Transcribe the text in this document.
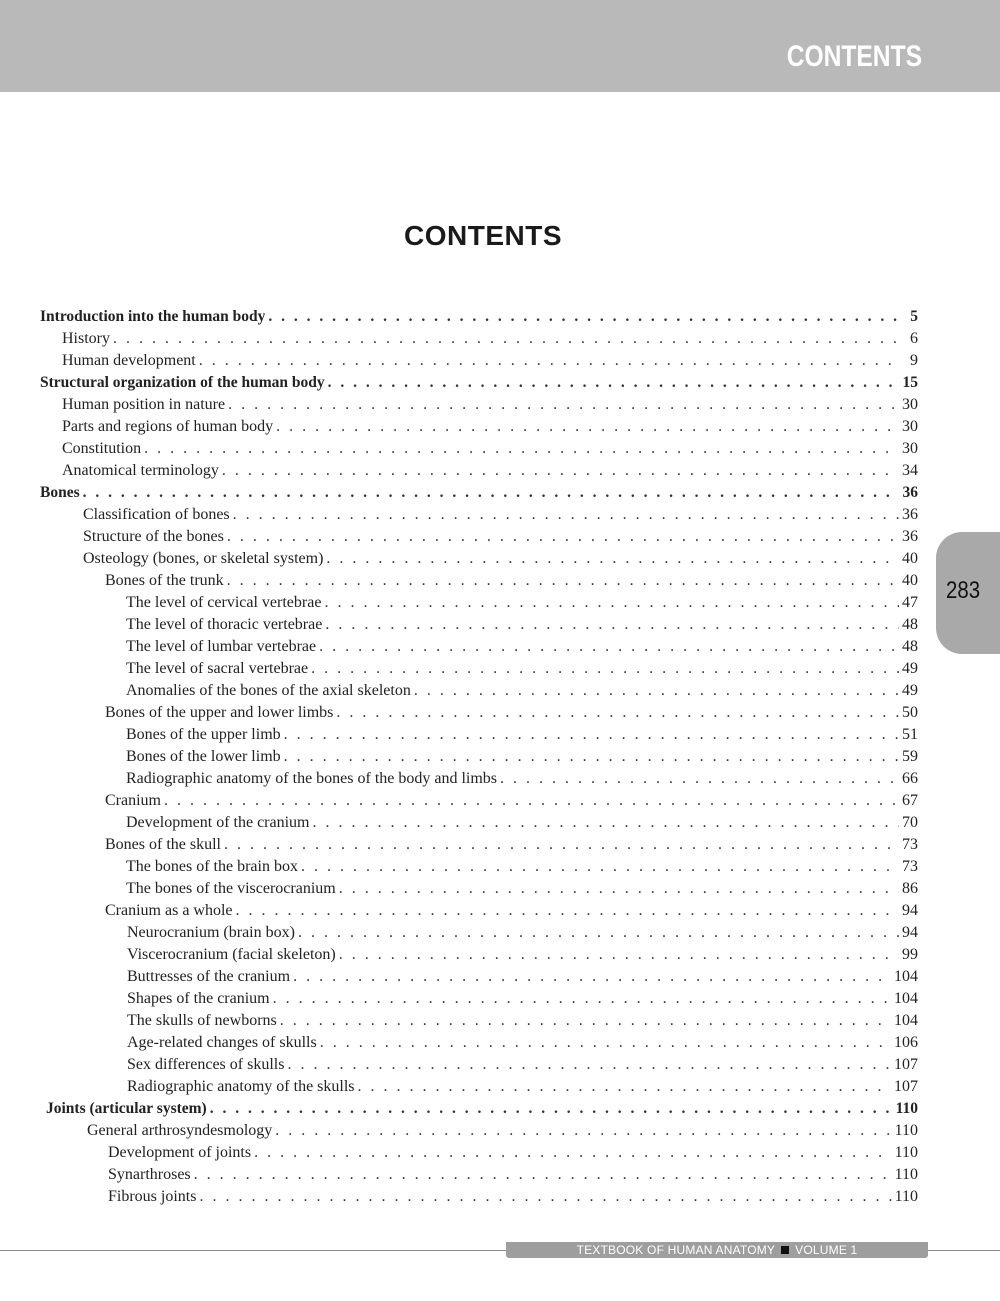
CONTENTS
CONTENTS
Introduction into the human body . . .	5
History . . .	6
Human development . . .	9
Structural organization of the human body . . .	15
Human position in nature . . .	30
Parts and regions of human body . . .	30
Constitution . . .	30
Anatomical terminology . . .	34
Bones . . .	36
Classification of bones . . .	36
Structure of the bones . . .	36
Osteology (bones, or skeletal system) . . .	40
Bones of the trunk . . .	40
The level of cervical vertebrae . . .	47
The level of thoracic vertebrae . . .	48
The level of lumbar vertebrae . . .	48
The level of sacral vertebrae . . .	49
Anomalies of the bones of the axial skeleton . . .	49
Bones of the upper and lower limbs . . .	50
Bones of the upper limb . . .	51
Bones of the lower limb . . .	59
Radiographic anatomy of the bones of the body and limbs . . .	66
Cranium . . .	67
Development of the cranium . . .	70
Bones of the skull . . .	73
The bones of the brain box . . .	73
The bones of the viscerocranium . . .	86
Cranium as a whole . . .	94
Neurocranium (brain box) . . .	94
Viscerocranium (facial skeleton) . . .	99
Buttresses of the cranium . . .	104
Shapes of the cranium . . .	104
The skulls of newborns . . .	104
Age-related changes of skulls . . .	106
Sex differences of skulls . . .	107
Radiographic anatomy of the skulls . . .	107
Joints (articular system) . . .	110
General arthrosyndesmology . . .	110
Development of joints . . .	110
Synarthroses . . .	110
Fibrous joints . . .	110
283
TEXTBOOK OF HUMAN ANATOMY VOLUME 1
